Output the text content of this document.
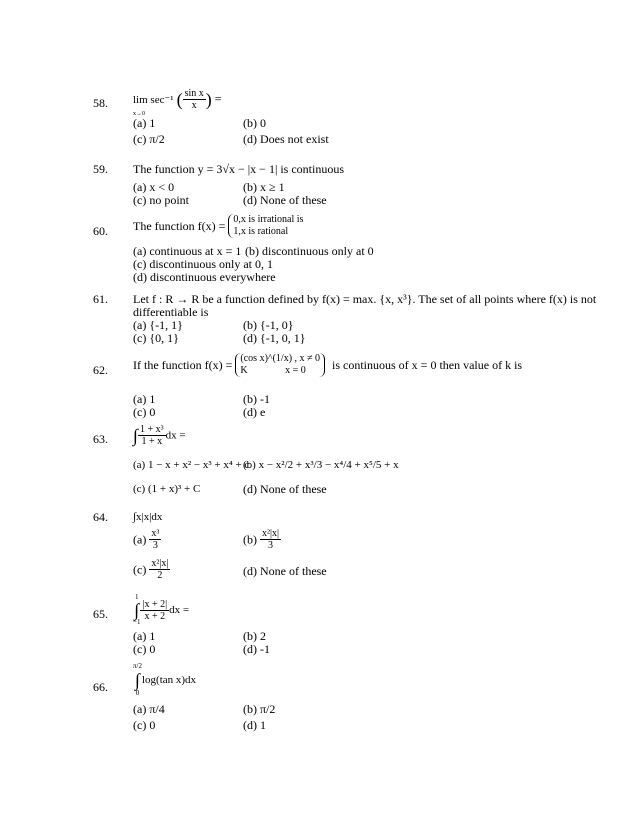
58. lim sec⁻¹
x→0
( $\frac{\text{sin x}}{x}$ ) =
(a) 1	(b) 0
(c) π/2	(d) Does not exist
59. The function y = 3√x − |x − 1| is continuous
(a) x < 0	(b) x ≥ 1
(c) no point	(d) None of these
60. The function f(x) = 0,x is irrational is
1,x is rational
(a) continuous at x = 1 (b) discontinuous only at 0
(c) discontinuous only at 0, 1
(d) discontinuous everywhere
61. Let f : R → R be a function defined by f(x) = max. {x, x³}. The set of all points where f(x) is not
differentiable is
(a) {-1, 1}	(b) {-1, 0}
(c) {0, 1}	(d) {-1, 0, 1}
62. If the function f(x) = (cos x)^(1/x) , x ≠ 0
K               x = 0	is continuous of x = 0 then value of k is
(a) 1	(b) -1
(c) 0	(d) e
63. ∫ $\frac{\text{1 + x³}}{1 + x}$ dx =
(a) 1 − x + x² − x³ + x⁴ + c
(b) x − x²/2 + x³/3 − x⁴/4 + x⁵/5 + x
(c) (1 + x)³ + C	(d) None of these
64. ∫x|x|dx
$(a) \frac{\text{x³}}{3}$	$(b) \frac{\text{x²|x|}}{3}$
$(c) \frac{\text{x²|x|}}{2}$	(d) None of these
65.
1
∫
−1
$\frac{|x + 2|}{x + 2}$ dx =
(a) 1	(b) 2
(c) 0	(d) -1
66.
π/2
∫
0
log(tan x)dx
(a) π/4	(b) π/2
(c) 0	(d) 1
